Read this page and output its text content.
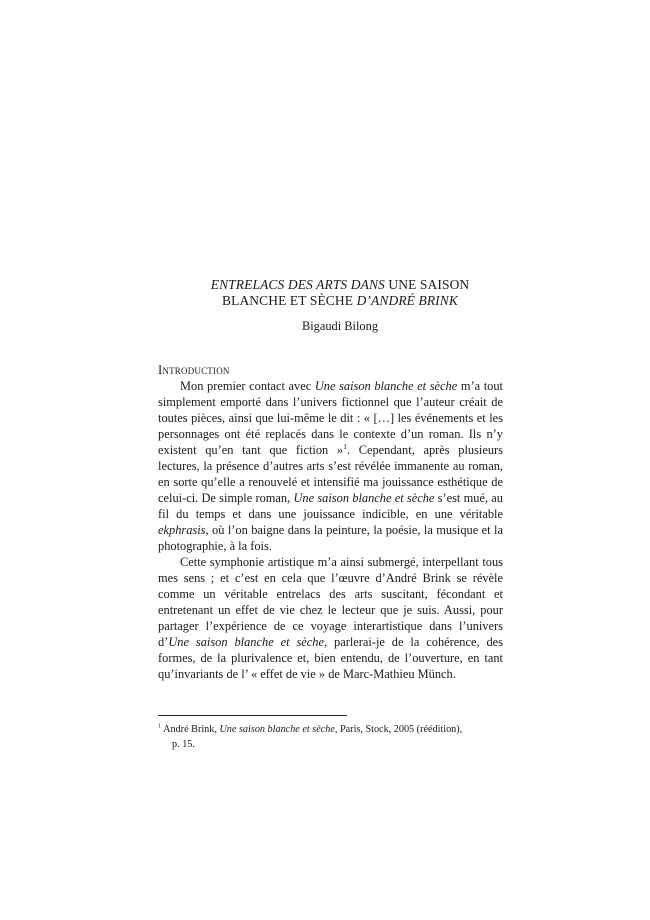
ENTRELACS DES ARTS DANS UNE SAISON
BLANCHE ET SÈCHE D’ANDRÉ BRINK
Bigaudi Bilong
Introduction

Mon premier contact avec Une saison blanche et sèche m’a tout simplement emporté dans l’univers fictionnel que l’auteur créait de toutes pièces, ainsi que lui-même le dit : « […] les événements et les personnages ont été replacés dans le contexte d’un roman. Ils n’y existent qu’en tant que fiction »$^1$. Cependant, après plusieurs lectures, la présence d’autres arts s’est révélée immanente au roman, en sorte qu’elle a renouvelé et intensifié ma jouissance esthétique de celui-ci. De simple roman, Une saison blanche et sèche s’est mué, au fil du temps et dans une jouissance indicible, en une véritable ekphrasis, où l’on baigne dans la peinture, la poésie, la musique et la photographie, à la fois.

Cette symphonie artistique m’a ainsi submergé, interpellant tous mes sens ; et c’est en cela que l’œuvre d’André Brink se révèle comme un véritable entrelacs des arts suscitant, fécondant et entretenant un effet de vie chez le lecteur que je suis. Aussi, pour partager l’expérience de ce voyage interartistique dans l’univers d’Une saison blanche et sèche, parlerai-je de la cohérence, des formes, de la plurivalence et, bien entendu, de l’ouverture, en tant qu’invariants de l’ « effet de vie » de Marc-Mathieu Münch.

$^1$ André Brink, Une saison blanche et sèche, Paris, Stock, 2005 (réédition),
p. 15.
